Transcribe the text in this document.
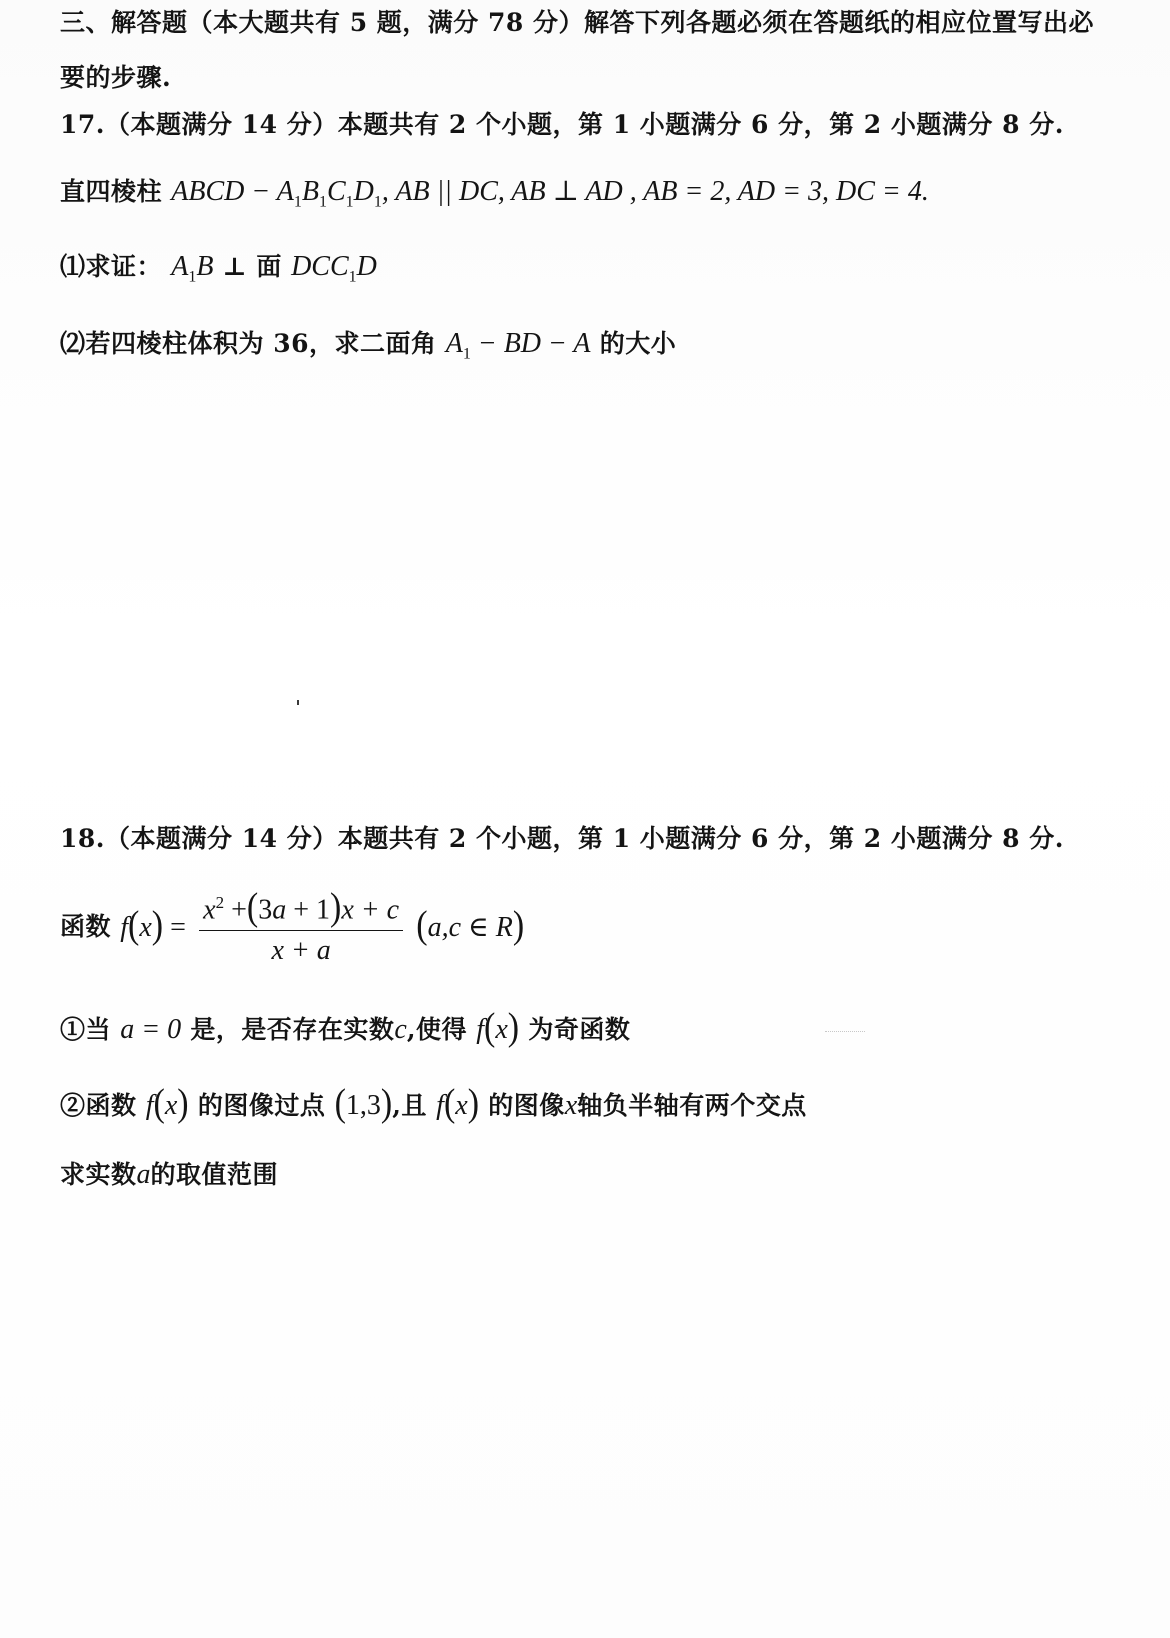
三、解答题（本大题共有 5 题，满分 78 分）解答下列各题必须在答题纸的相应位置写出必
要的步骤.
17.（本题满分 14 分）本题共有 2 个小题，第 1 小题满分 6 分，第 2 小题满分 8 分.
直四棱柱 ABCD − $A_1B_1C_1D_1$, AB || DC, AB ⊥ AD , AB = 2, AD = 3, DC = 4.
⑴求证： $A_1B$ ⊥ 面 $DCC_1D$
⑵若四棱柱体积为 36，求二面角 $A_1$ − BD − A 的大小
18.（本题满分 14 分）本题共有 2 个小题，第 1 小题满分 6 分，第 2 小题满分 8 分.
函数 $f(x) = \frac{x^2 +(3a + 1)x + c}{x + a} (a,c$ ∈ R)
①当 a = 0 是，是否存在实数c,使得 f(x) 为奇函数
②函数 f(x) 的图像过点 (1,3),且 f(x) 的图像x轴负半轴有两个交点
求实数a的取值范围
